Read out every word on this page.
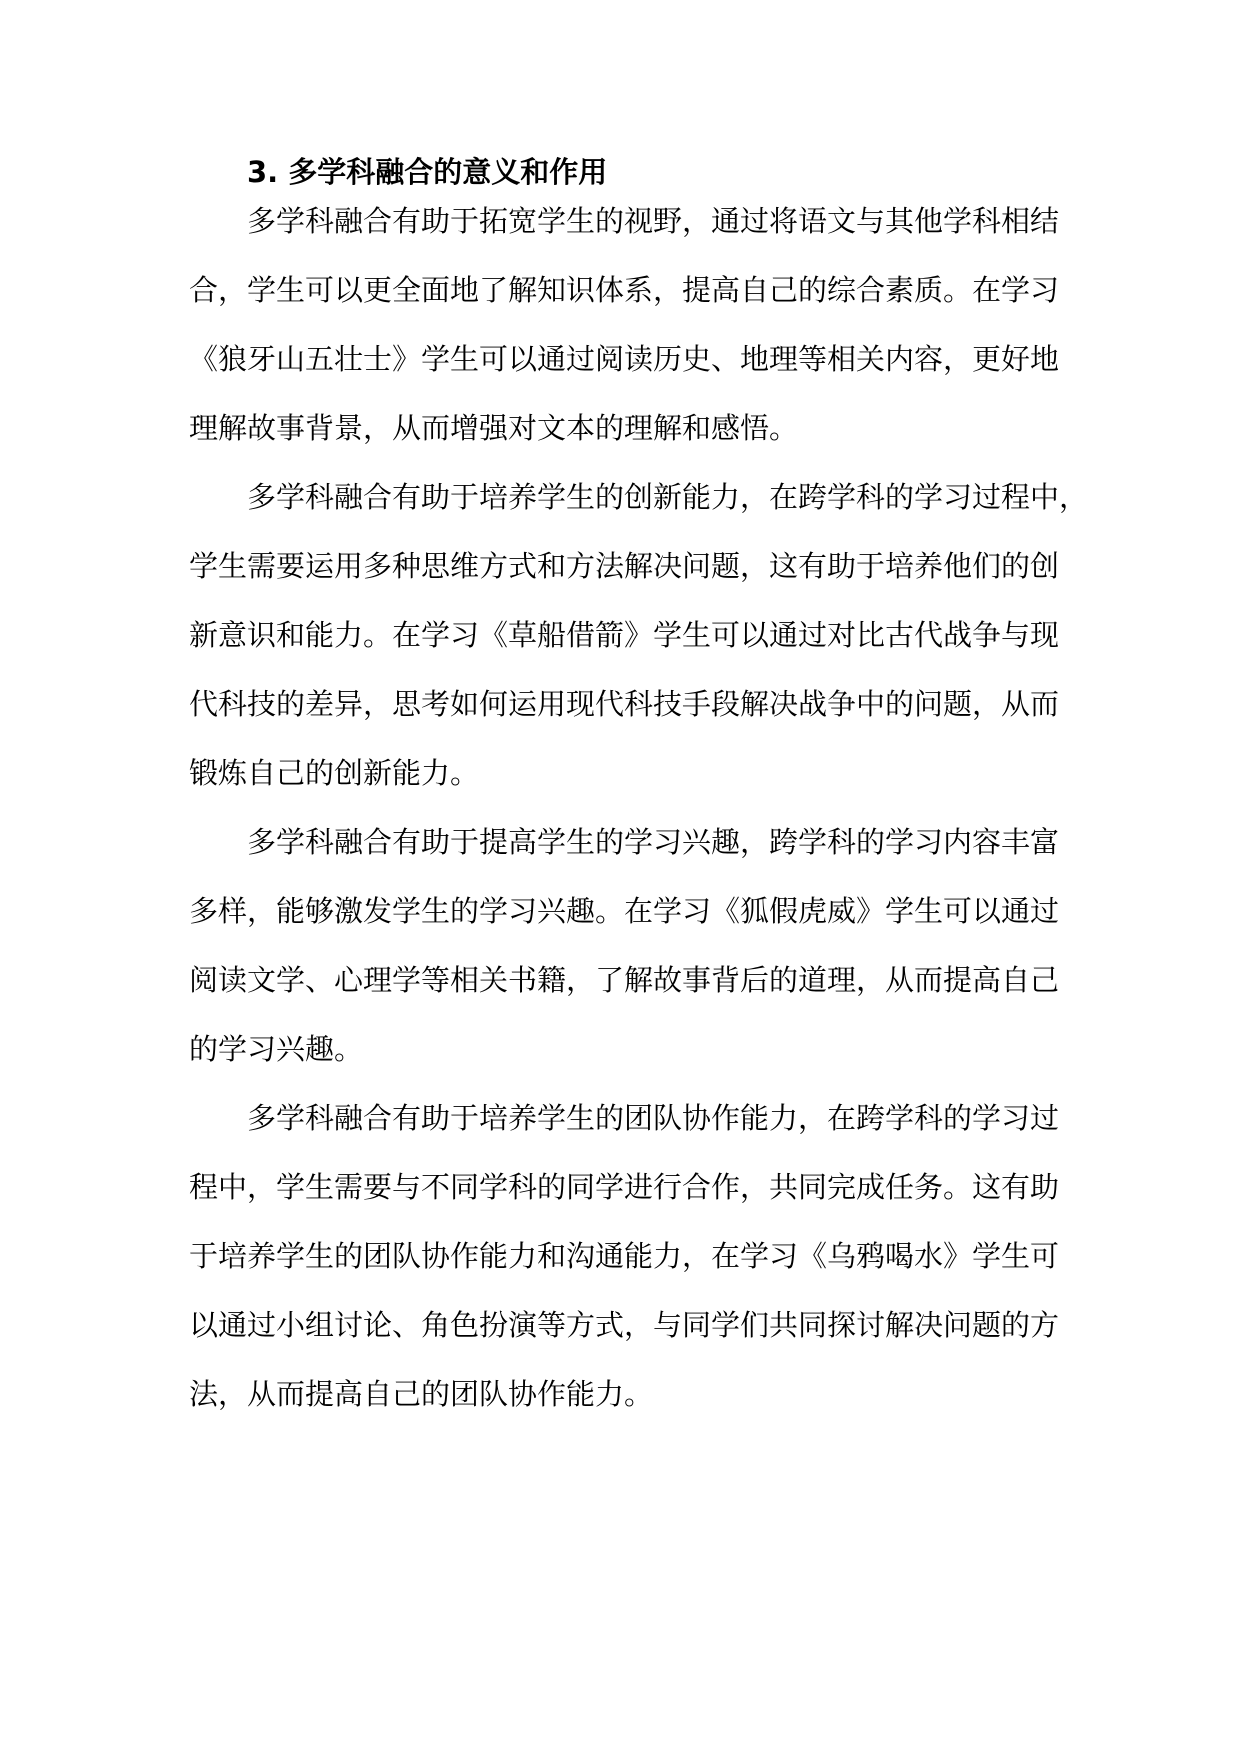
3. 多学科融合的意义和作用
多学科融合有助于拓宽学生的视野，通过将语文与其他学科相结
合，学生可以更全面地了解知识体系，提高自己的综合素质。在学习
《狼牙山五壮士》学生可以通过阅读历史、地理等相关内容，更好地
理解故事背景，从而增强对文本的理解和感悟。
多学科融合有助于培养学生的创新能力，在跨学科的学习过程中，
学生需要运用多种思维方式和方法解决问题，这有助于培养他们的创
新意识和能力。在学习《草船借箭》学生可以通过对比古代战争与现
代科技的差异，思考如何运用现代科技手段解决战争中的问题，从而
锻炼自己的创新能力。
多学科融合有助于提高学生的学习兴趣，跨学科的学习内容丰富
多样，能够激发学生的学习兴趣。在学习《狐假虎威》学生可以通过
阅读文学、心理学等相关书籍，了解故事背后的道理，从而提高自己
的学习兴趣。
多学科融合有助于培养学生的团队协作能力，在跨学科的学习过
程中，学生需要与不同学科的同学进行合作，共同完成任务。这有助
于培养学生的团队协作能力和沟通能力，在学习《乌鸦喝水》学生可
以通过小组讨论、角色扮演等方式，与同学们共同探讨解决问题的方
法，从而提高自己的团队协作能力。
